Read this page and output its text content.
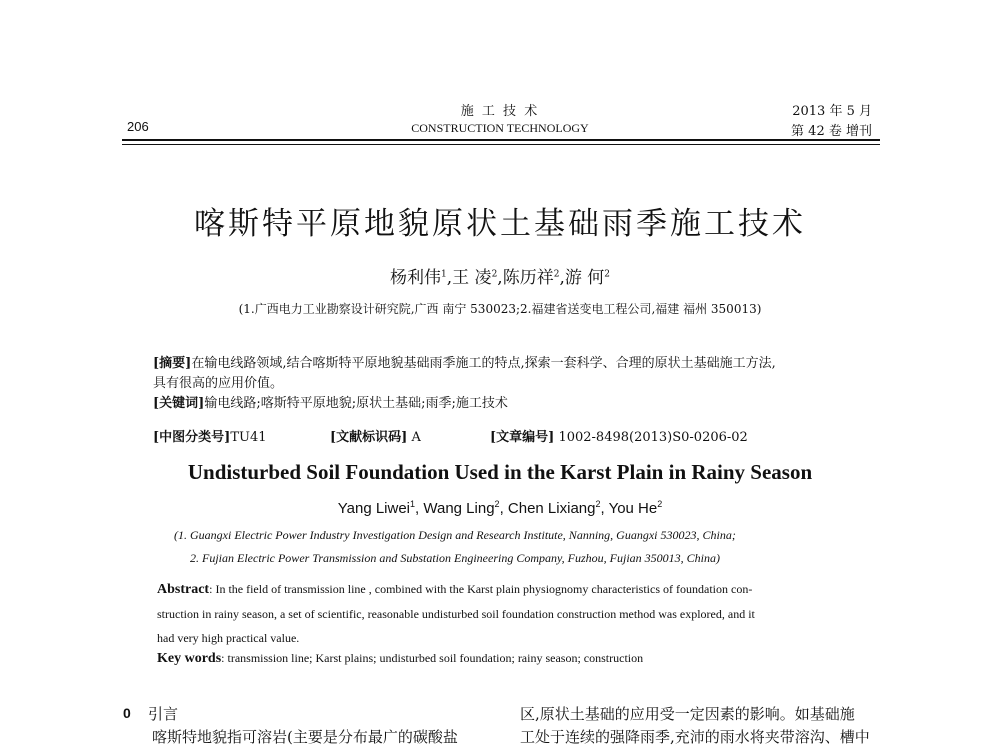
施 工 技 术
206	CONSTRUCTION TECHNOLOGY
2013 年 5 月
第 42 卷 增刊
喀斯特平原地貌原状土基础雨季施工技术
杨利伟$^1$,王 凌$^2$,陈历祥$^2$,游 何$^2$
(1.广西电力工业勘察设计研究院,广西 南宁 530023;2.福建省送变电工程公司,福建 福州 350013)
[摘要]在输电线路领域,结合喀斯特平原地貌基础雨季施工的特点,探索一套科学、合理的原状土基础施工方法,
具有很高的应用价值。
[关键词]输电线路;喀斯特平原地貌;原状土基础;雨季;施工技术
[中图分类号]TU41	[文献标识码] A	[文章编号] 1002-8498(2013)S0-0206-02
Undisturbed Soil Foundation Used in the Karst Plain in Rainy Season
Yang Liwei$^1$, Wang Ling$^2$, Chen Lixiang$^2$, You He$^2$
(1. Guangxi Electric Power Industry Investigation Design and Research Institute, Nanning, Guangxi 530023, China;
2. Fujian Electric Power Transmission and Substation Engineering Company, Fuzhou, Fujian 350013, China)
Abstract: In the field of transmission line , combined with the Karst plain physiognomy characteristics of foundation con-
struction in rainy season, a set of scientific, reasonable undisturbed soil foundation construction method was explored, and it
had very high practical value.
Key words: transmission line; Karst plains; undisturbed soil foundation; rainy season; construction
0 引言
喀斯特地貌指可溶岩(主要是分布最广的碳酸盐
区,原状土基础的应用受一定因素的影响。如基础施
工处于连续的强降雨季,充沛的雨水将夹带溶沟、槽中
